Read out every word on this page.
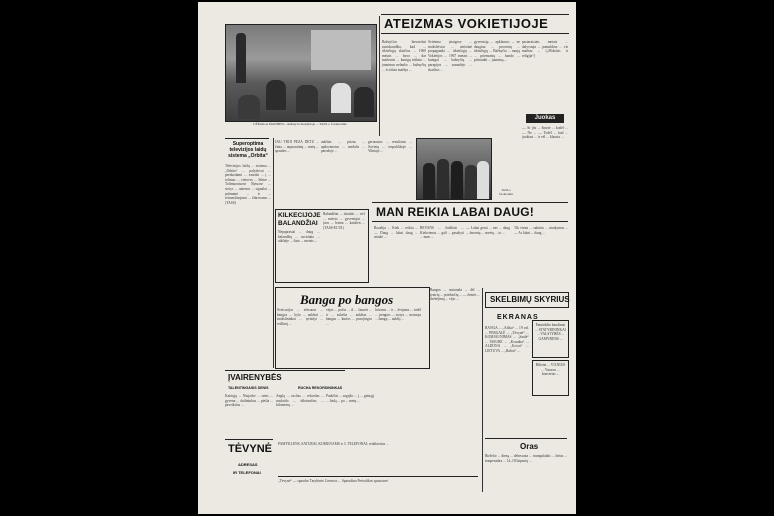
UŽMAGA MANDEN... Ankstyva mokykloje ... TASS-o fotokronika
ATEIZMAS VOKIETIJOJE
Bažnyčios hierarchai nusiskundžia, kad ... tikinčiųjų skaičius ... 1960 metais ... buvo ... dar mažesnis ... kunigų trūksta ... jaunimas nelanko ... bažnyčių ... ir toliau mažėja ...
Švietimo įstaigose ... moksleiviai ... ateistinė propaganda ... tikinčiųjų ... Vokietijos ... 1967 metais ... kunigai ... bažnyčių ... parapijos ... sumažėjo ... skaičius ...
gyventojų ... apklausos ... ne daugiau ... procentų ... tikinčiųjų ... Bažnyčia ... naujų ... priemonių ... bando ... pritraukti ... jaunimą ...
pastaraisiais metais ... dalyvauja ... pamaldose ... vis mažiau ... („Mokslas ir religija“)
Juokas
— Ar jūs ... žinote ... kodėl ... — Ne ... — Todėl ... kad ... juokiasi ... ir vėl ... klausia ...
Superoptima televizijos laidų sistema „Orbita“
Televizijos laidų ... sistema ... „Orbita“ ... palydovai ... perduodami ... vaizdai ... į ... tolimas ... vietoves ... Sibire ... Tolimuosiuose Rytuose ... stotys ... antenos ... signalai ... priimami ... ir ... retransliuojami ... žiūrovams ... (TASS)
JAU TRIJI PEŽA DETU ... žinia ... tarptautinių ... metų ... spaudos ...
aukštas ... prizas ... apdovanotas ... medalis ... parodoje ...
geriausius ... rezultatus ... Sovietų ... respublikoje ... Vilniuje ...
TASS-o fotokronika
KILKECIJOJE BALANDŽIAI
Nepaprastai ... daug ... balandžių ... susirinko ... aikštėje ... šiais ... metais ...
Balandžiai ... skraido ... virš ... miesto ... gyventojai ... juos ... lesina ... kasdien ... (TASS-ELTA)
MAN REIKIA LABAI DAUG!
Rozalija ... Kiek ... reikia ... — Daug ... labai daug ... atsakė ...
REVANS ... žodžiais ... Kiekvienas ... gali ... pasakyti ... man ...
— Labai gerai ... nes ... daug ... žmonių ... norėtų ... to ...
Tik viena ... sakiniu ... atsakymas ... — Ar labai ... daug ...
Banga po bangos
Šveicarijos ... ežeruose ... bangos ... kyla ... aukštai ... mokslininkai ... tyrinėja ... reiškinį ...
vėjas ... pučia ... iš ... šiaurės ... ir ... sukelia ... aukštas ... bangas ... kurios ... pavojingos ...
laivams ... ir ... žvejams ... todėl ... įrengtos ... stotys ... matuoja ... bangų ... aukštį ...
Bangos ... atsiranda ... dėl ... įvairių ... priežasčių ... — žemės ... drebėjimų ... vėjo ...	SKELBIMŲ SKYRIUS
EKRANAS
BANGA ... „Aišku“ ... 19 val. ... PERGALĖ ... „Tėvynė“ ... KOMJAUNIMAS ... „Saulė“ ... ŠIAURĖ ... „Kvaraba“ ... ALDONA ... „Kovai“ ... LIETUVA ... „Baltai“ ...
Paminkštu baudimai ... STATYBININKAI ... VALSTYBĖS ... GAMYBINIS ...
Bilietai ... VILNIUS ... Vasaros ... koncertas ...
Oras
Birželio ... dieną ... debesuota ... trumpalaikis ... lietus ... temperatūra ... 14–18 laipsnių ...
ĮVAIRENYBĖS
TALENTINGASIS SENIS	RUCHA REKORDININKAS
Kairiųjų ... Niujorke ... senis ... gyvena ... dailininkas ... piešia ... paveikslus ...
Anglų ... ruchas ... rekordas ... nuskrido ... tūkstančius ... kilometrų ...
Paukštis ... sugrįžo ... į ... gimtąjį ... lizdą ... po ... metų ...
TĖVYNĖ
ADRESAS
IR TELEFONAI
PAMYKLENS, ŠATURAI, KOMUNAMS ir 3. TELEFONAI: redaktorius ...
„Tėvynė“ — spaudos Tarybinės Lietuvos ... Spausdina Periodikos spaustuvė
